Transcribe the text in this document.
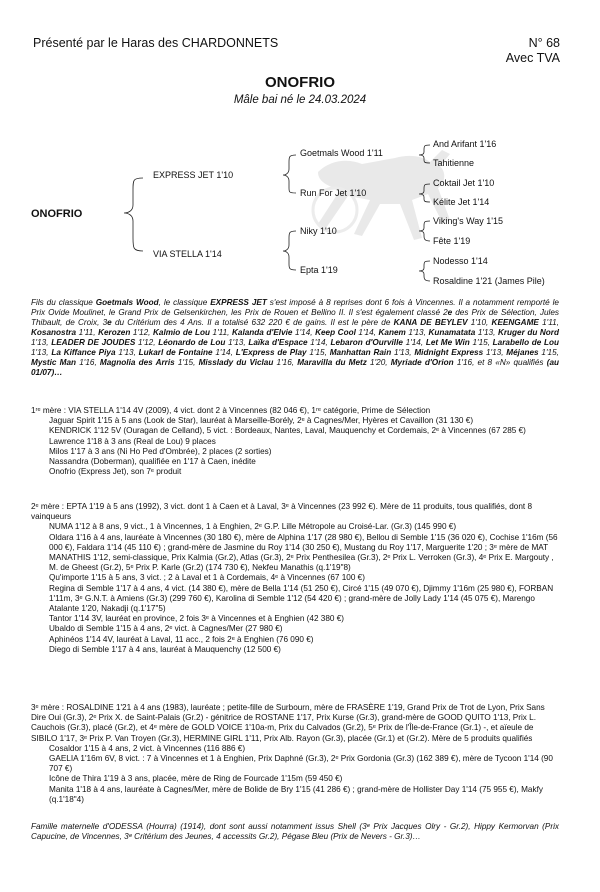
Présenté par le Haras des CHARDONNETS	N° 68
Avec TVA
ONOFRIO
Mâle bai né le 24.03.2024
ONOFRIO
EXPRESS JET 1'10
VIA STELLA 1'14
Goetmals Wood 1'11
Run For Jet 1'10
Niky 1'10
Epta 1'19
And Arifant 1'16
Tahitienne
Coktail Jet 1'10
Kélite Jet 1'14
Viking's Way 1'15
Fête 1'19
Nodesso 1'14
Rosaldine 1'21 (James Pile)
Fils du classique Goetmals Wood, le classique EXPRESS JET s'est imposé à 8 reprises dont 6 fois à Vincennes. Il a notamment remporté le Prix Ovide Moulinet, le Grand Prix de Gelsenkirchen, les Prix de Rouen et Bellino II. Il s'est également classé 2e des Prix de Sélection, Jules Thibault, de Croix, 3e du Critérium des 4 Ans. Il a totalisé 632 220 € de gains. Il est le père de KANA DE BEYLEV 1'10, KEENGAME 1'11, Kosanostra 1'11, Kerozen 1'12, Kalmio de Lou 1'11, Kalanda d'Elvie 1'14, Keep Cool 1'14, Kanem 1'13, Kunamatata 1'13, Kruger du Nord 1'13, LEADER DE JOUDES 1'12, Léonardo de Lou 1'13, Laïka d'Espace 1'14, Lebaron d'Ourville 1'14, Let Me Win 1'15, Larabello de Lou 1'13, La Kiffance Piya 1'13, Lukarl de Fontaine 1'14, L'Express de Play 1'15, Manhattan Rain 1'13, Midnight Express 1'13, Méjanes 1'15, Mystic Man 1'16, Magnolia des Arris 1'15, Misslady du Viclau 1'16, Maravilla du Metz 1'20, Myriade d'Orion 1'16, et 8 «N» qualifiés (au 01/07)…

1ʳᵉ mère : VIA STELLA 1'14 4V (2009), 4 vict. dont 2 à Vincennes (82 046 €), 1ʳᵉ catégorie, Prime de Sélection

Jaguar Spirit 1'15 à 5 ans (Look de Star), lauréat à Marseille-Borély, 2ᵉ à Cagnes/Mer, Hyères et Cavaillon (31 130 €)

KENDRICK 1'12 5V (Ouragan de Celland), 5 vict. : Bordeaux, Nantes, Laval, Mauquenchy et Cordemais, 2ᵉ à Vincennes (67 285 €)

Lawrence 1'18 à 3 ans (Real de Lou) 9 places

Milos 1'17 à 3 ans (Ni Ho Ped d'Ombrée), 2 places (2 sorties)

Nassandra (Doberman), qualifiée en 1'17 à Caen, inédite

Onofrio (Express Jet), son 7ᵉ produit

2ᵉ mère : EPTA 1'19 à 5 ans (1992), 3 vict. dont 1 à Caen et à Laval, 3ᵉ à Vincennes (23 992 €). Mère de 11 produits, tous qualifiés, dont 8 vainqueurs

NUMA 1'12 à 8 ans, 9 vict., 1 à Vincennes, 1 à Enghien, 2ᵉ G.P. Lille Métropole au Croisé-Lar. (Gr.3) (145 990 €)

Oldara 1'16 à 4 ans, lauréate à Vincennes (30 180 €), mère de Alphina 1'17 (28 980 €), Bellou di Semble 1'15 (36 020 €), Cochise 1'16m (56 000 €), Faldara 1'14 (45 110 €) ; grand-mère de Jasmine du Roy 1'14 (30 250 €), Mustang du Roy 1'17, Marguerite 1'20 ; 3ᵉ mère de MAT MANATHIS 1'12, semi-classique, Prix Kalmia (Gr.2), Atlas (Gr.3), 2ᵉ Prix Penthesilea (Gr.3), 2ᵉ Prix L. Verroken (Gr.3), 4ᵉ Prix E. Margouty , M. de Gheest (Gr.2), 5ᵉ Prix P. Karle (Gr.2) (174 730 €), Nekfeu Manathis (q.1'19"8)

Qu'importe 1'15 à 5 ans, 3 vict. ; 2 à Laval et 1 à Cordemais, 4ᵉ à Vincennes (67 100 €)

Regina di Semble 1'17 à 4 ans, 4 vict. (14 380 €), mère de Bella 1'14 (51 250 €), Circé 1'15 (49 070 €), Djimmy 1'16m (25 980 €), FORBAN 1'11m, 3ᵉ G.N.T. à Amiens (Gr.3) (299 760 €), Karolina di Semble 1'12 (54 420 €) ; grand-mère de Jolly Lady 1'14 (45 075 €), Marengo Atalante 1'20, Nakadji (q.1'17"5)

Tantor 1'14 3V, lauréat en province, 2 fois 3ᵉ à Vincennes et à Enghien (42 380 €)

Ubaldo di Semble 1'15 à 4 ans, 2ᵉ vict. à Cagnes/Mer (27 980 €)

Aphinéos 1'14 4V, lauréat à Laval, 11 acc., 2 fois 2ᵉ à Enghien (76 090 €)

Diego di Semble 1'17 à 4 ans, lauréat à Mauquenchy (12 500 €)

3ᵉ mère : ROSALDINE 1'21 à 4 ans (1983), lauréate ; petite-fille de Surbourn, mère de FRASÈRE 1'19, Grand Prix de Trot de Lyon, Prix Sans Dire Oui (Gr.3), 2ᵉ Prix X. de Saint-Palais (Gr.2) - génitrice de ROSTANE 1'17, Prix Kurse (Gr.3), grand-mère de GOOD QUITO 1'13, Prix L. Cauchois (Gr.3), placé (Gr.2), et 4ᵉ mère de GOLD VOICE 1'10a-m, Prix du Calvados (Gr.2), 5ᵉ Prix de l'Île-de-France (Gr.1) -, et aïeule de SIBILO 1'17, 3ᵉ Prix P. Van Troyen (Gr.3), HERMINE GIRL 1'11, Prix Alb. Rayon (Gr.3), placée (Gr.1) et (Gr.2). Mère de 5 produits qualifiés

Cosaldor 1'15 à 4 ans, 2 vict. à Vincennes (116 886 €)

GAELIA 1'16m 6V, 8 vict. : 7 à Vincennes et 1 à Enghien, Prix Daphné (Gr.3), 2ᵉ Prix Gordonia (Gr.3) (162 389 €), mère de Tycoon 1'14 (90 707 €)

Icône de Thira 1'19 à 3 ans, placée, mère de Ring de Fourcade 1'15m (59 450 €)

Manita 1'18 à 4 ans, lauréate à Cagnes/Mer, mère de Bolide de Bry 1'15 (41 286 €) ; grand-mère de Hollister Day 1'14 (75 955 €), Makfy (q.1'18"4)

Famille maternelle d'ODESSA (Hourra) (1914), dont sont aussi notamment issus Shell (3ᵉ Prix Jacques Olry - Gr.2), Hippy Kermorvan (Prix Capucine, de Vincennes, 3ᵉ Critérium des Jeunes, 4 accessits Gr.2), Pégase Bleu (Prix de Nevers - Gr.3)…
